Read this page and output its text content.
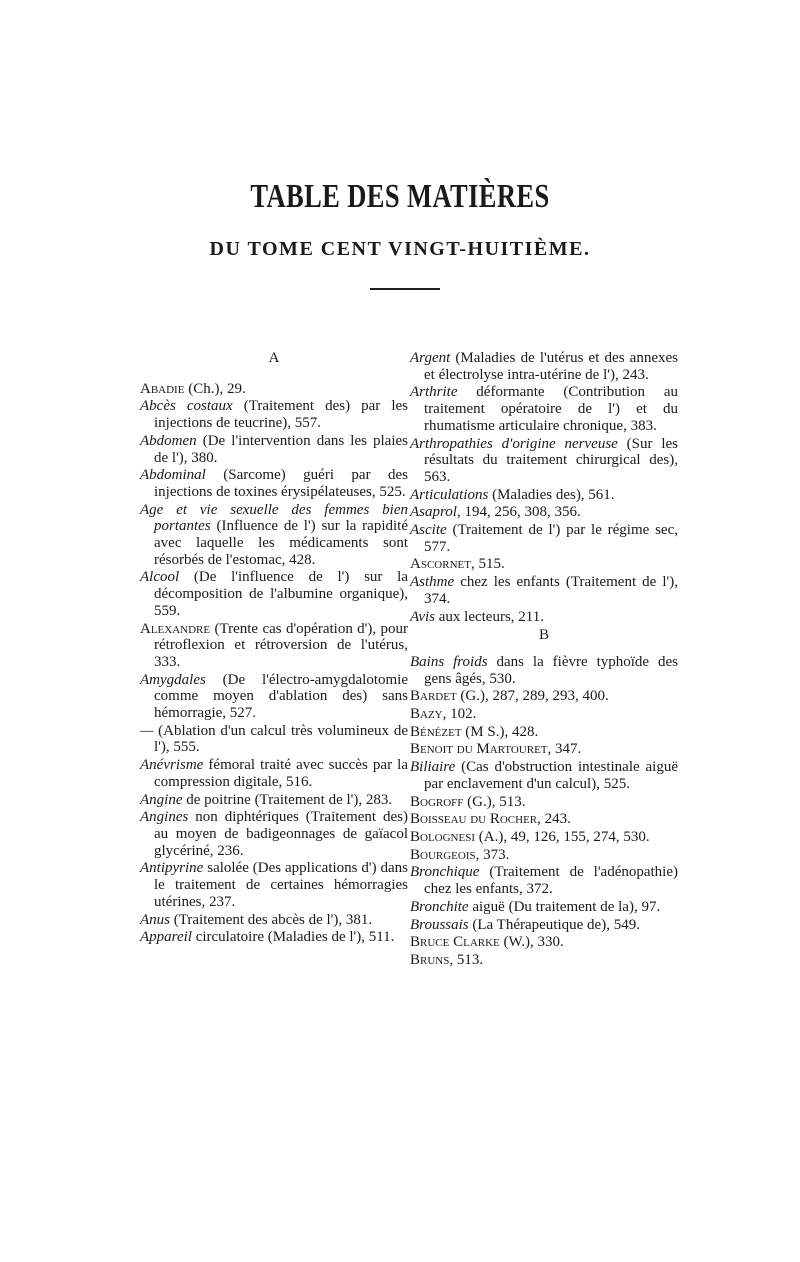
TABLE DES MATIÈRES
DU TOME CENT VINGT-HUITIÈME.
A
Abadie (Ch.), 29.
Abcès costaux (Traitement des) par les injections de teucrine), 557.
Abdomen (De l'intervention dans les plaies de l'), 380.
Abdominal (Sarcome) guéri par des injections de toxines érysipélateuses, 525.
Age et vie sexuelle des femmes bien portantes (Influence de l') sur la rapidité avec laquelle les médicaments sont résorbés de l'estomac, 428.
Alcool (De l'influence de l') sur la décomposition de l'albumine organique), 559.
Alexandre (Trente cas d'opération d'), pour rétroflexion et rétroversion de l'utérus, 333.
Amygdales (De l'électro-amygdalotomie comme moyen d'ablation des) sans hémorragie, 527.
— (Ablation d'un calcul très volumineux de l'), 555.
Anévrisme fémoral traité avec succès par la compression digitale, 516.
Angine de poitrine (Traitement de l'), 283.
Angines non diphtériques (Traitement des) au moyen de badigeonnages de gaïacol glycériné, 236.
Antipyrine salolée (Des applications d') dans le traitement de certaines hémorragies utérines, 237.
Anus (Traitement des abcès de l'), 381.
Appareil circulatoire (Maladies de l'), 511.
Argent (Maladies de l'utérus et des annexes et électrolyse intra-utérine de l'), 243.
Arthrite déformante (Contribution au traitement opératoire de l') et du rhumatisme articulaire chronique, 383.
Arthropathies d'origine nerveuse (Sur les résultats du traitement chirurgical des), 563.
Articulations (Maladies des), 561.
Asaprol, 194, 256, 308, 356.
Ascite (Traitement de l') par le régime sec, 577.
Ascornet, 515.
Asthme chez les enfants (Traitement de l'), 374.
Avis aux lecteurs, 211.
B
Bains froids dans la fièvre typhoïde des gens âgés, 530.
Bardet (G.), 287, 289, 293, 400.
Bazy, 102.
Bénézet (M S.), 428.
Benoit du Martouret, 347.
Biliaire (Cas d'obstruction intestinale aiguë par enclavement d'un calcul), 525.
Bogroff (G.), 513.
Boisseau du Rocher, 243.
Bolognesi (A.), 49, 126, 155, 274, 530.
Bourgeois, 373.
Bronchique (Traitement de l'adénopathie) chez les enfants, 372.
Bronchite aiguë (Du traitement de la), 97.
Broussais (La Thérapeutique de), 549.
Bruce Clarke (W.), 330.
Bruns, 513.
